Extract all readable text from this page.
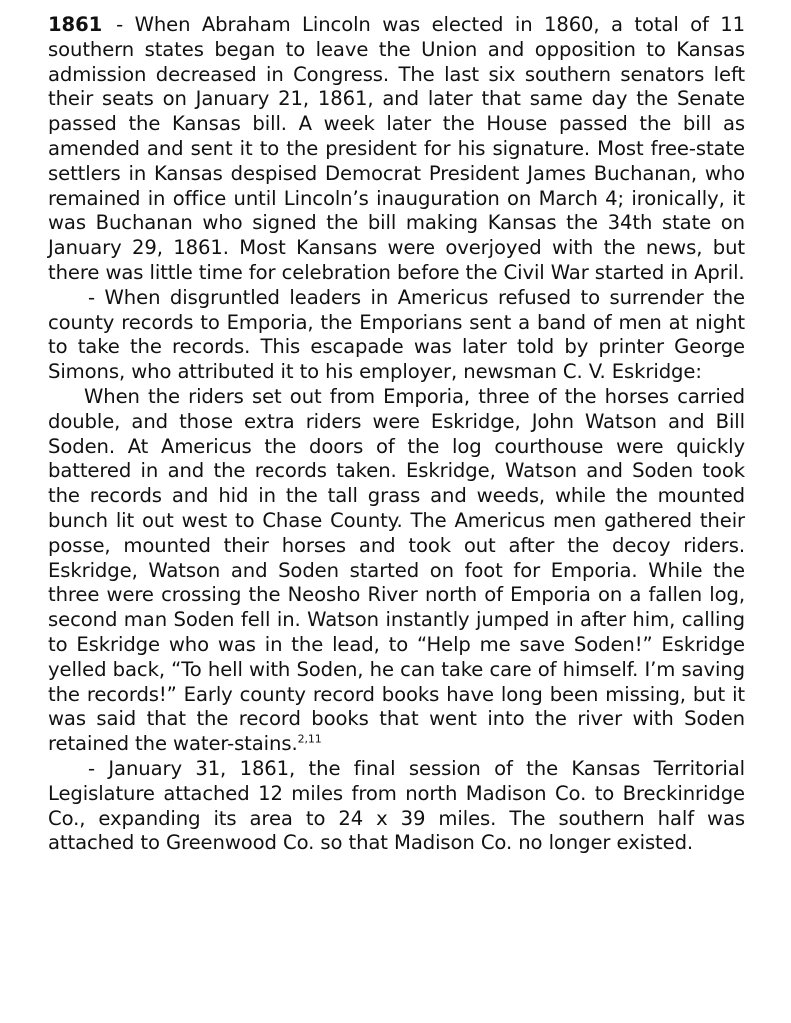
1861 - When Abraham Lincoln was elected in 1860, a total of 11 southern states began to leave the Union and opposition to Kansas admission decreased in Congress. The last six southern senators left their seats on January 21, 1861, and later that same day the Senate passed the Kansas bill. A week later the House passed the bill as amended and sent it to the president for his signature. Most free-state settlers in Kansas despised Democrat President James Buchanan, who remained in office until Lincoln’s inauguration on March 4; ironically, it was Buchanan who signed the bill making Kansas the 34th state on January 29, 1861. Most Kansans were overjoyed with the news, but there was little time for celebration before the Civil War started in April.

- When disgruntled leaders in Americus refused to surrender the county records to Emporia, the Emporians sent a band of men at night to take the records. This escapade was later told by printer George Simons, who attributed it to his employer, newsman C. V. Eskridge:

When the riders set out from Emporia, three of the horses carried double, and those extra riders were Eskridge, John Watson and Bill Soden. At Americus the doors of the log courthouse were quickly battered in and the records taken. Eskridge, Watson and Soden took the records and hid in the tall grass and weeds, while the mounted bunch lit out west to Chase County. The Americus men gathered their posse, mounted their horses and took out after the decoy riders. Eskridge, Watson and Soden started on foot for Emporia. While the three were crossing the Neosho River north of Emporia on a fallen log, second man Soden fell in. Watson instantly jumped in after him, calling to Eskridge who was in the lead, to “Help me save Soden!” Eskridge yelled back, “To hell with Soden, he can take care of himself. I’m saving the records!” Early county record books have long been missing, but it was said that the record books that went into the river with Soden retained the water-stains.$^{2,11}$

- January 31, 1861, the final session of the Kansas Territorial Legislature attached 12 miles from north Madison Co. to Breckinridge Co., expanding its area to 24 x 39 miles. The southern half was attached to Greenwood Co. so that Madison Co. no longer existed.
